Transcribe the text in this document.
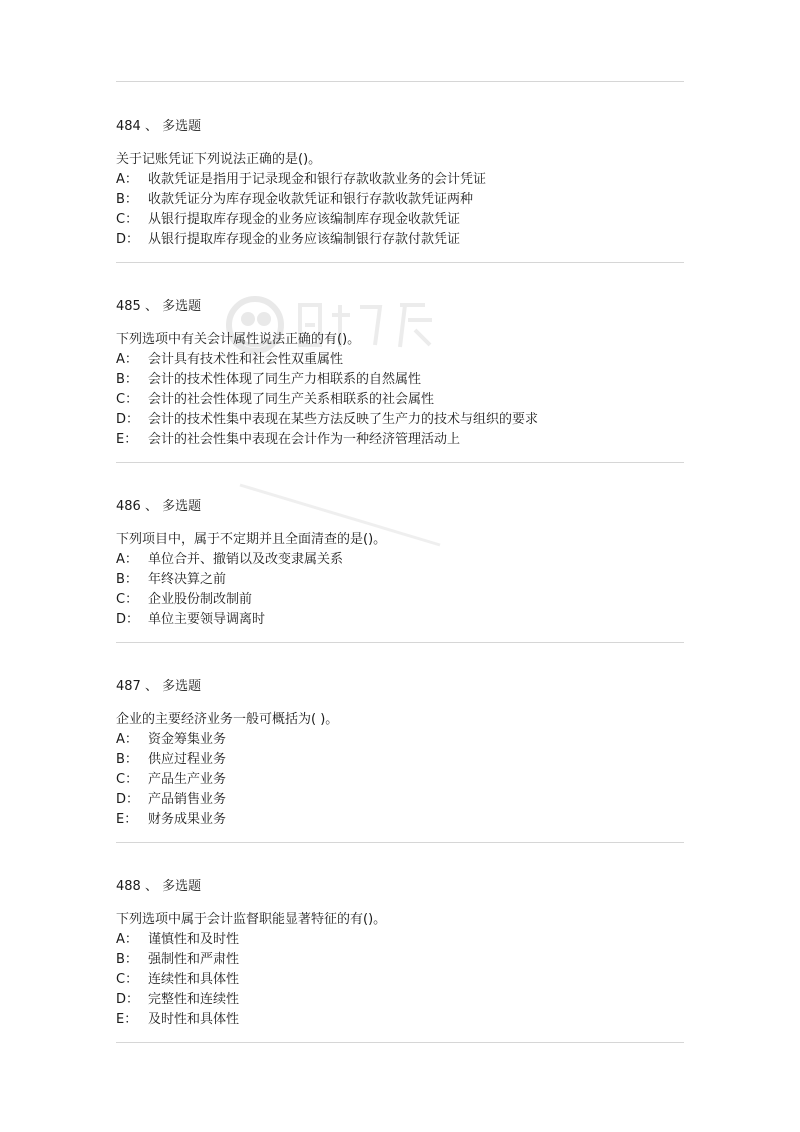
484 、 多选题

关于记账凭证下列说法正确的是()。

A： 收款凭证是指用于记录现金和银行存款收款业务的会计凭证

B： 收款凭证分为库存现金收款凭证和银行存款收款凭证两种

C： 从银行提取库存现金的业务应该编制库存现金收款凭证

D： 从银行提取库存现金的业务应该编制银行存款付款凭证

485 、 多选题

下列选项中有关会计属性说法正确的有()。

A： 会计具有技术性和社会性双重属性

B： 会计的技术性体现了同生产力相联系的自然属性

C： 会计的社会性体现了同生产关系相联系的社会属性

D： 会计的技术性集中表现在某些方法反映了生产力的技术与组织的要求

E： 会计的社会性集中表现在会计作为一种经济管理活动上

486 、 多选题

下列项目中，属于不定期并且全面清查的是()。

A： 单位合并、撤销以及改变隶属关系

B： 年终决算之前

C： 企业股份制改制前

D： 单位主要领导调离时

487 、 多选题

企业的主要经济业务一般可概括为( )。

A： 资金筹集业务

B： 供应过程业务

C： 产品生产业务

D： 产品销售业务

E： 财务成果业务

488 、 多选题

下列选项中属于会计监督职能显著特征的有()。

A： 谨慎性和及时性

B： 强制性和严肃性

C： 连续性和具体性

D： 完整性和连续性

E： 及时性和具体性
